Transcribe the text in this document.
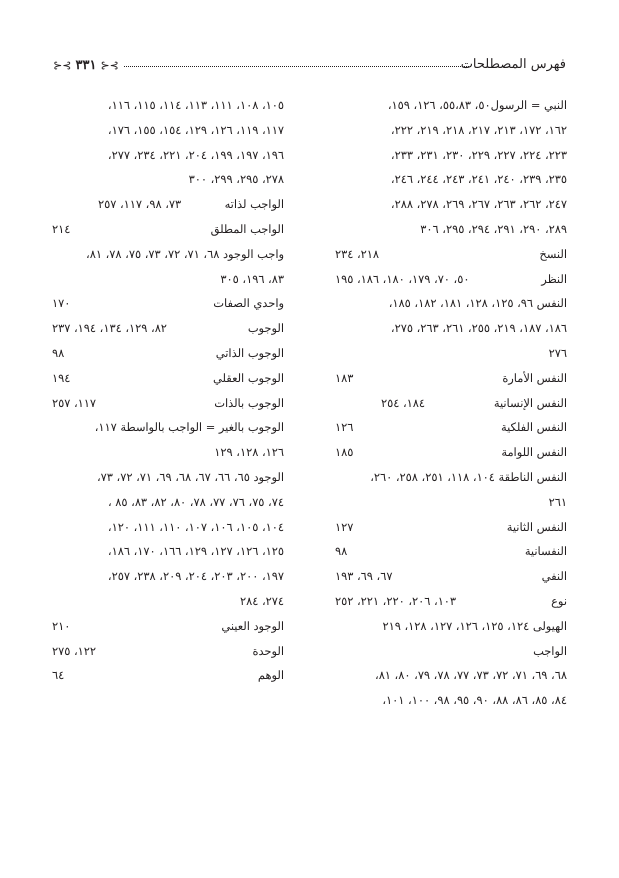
فهرس المصطلحات
⊱⊰ ٣٣١ ⊱⊰
النبي = الرسول٥٠، ٥٥،٨٣، ١٢٦، ١٥٩،
١٦٢، ١٧٢، ٢١٣، ٢١٧، ٢١٨، ٢١٩، ٢٢٢،
٢٢٣، ٢٢٤، ٢٢٧، ٢٢٩، ٢٣٠، ٢٣١، ٢٣٣،
٢٣٥، ٢٣٩، ٢٤٠، ٢٤١، ٢٤٣، ٢٤٤، ٢٤٦،
٢٤٧، ٢٦٢، ٢٦٣، ٢٦٧، ٢٦٩، ٢٧٨، ٢٨٨،
٢٨٩، ٢٩٠، ٢٩١، ٢٩٤، ٢٩٥، ٣٠٦
النسخ
٢١٨، ٢٣٤
النظر
٥٠، ٧٠، ١٧٩، ١٨٠، ١٨٦، ١٩٥
النفس ٩٦، ١٢٥، ١٢٨، ١٨١، ١٨٢، ١٨٥،
١٨٦، ١٨٧، ٢١٩، ٢٥٥، ٢٦١، ٢٦٣، ٢٧٥،
٢٧٦
النفس الأمارة
١٨٣
النفس الإنسانية
١٨٤، ٢٥٤
النفس الفلكية
١٢٦
النفس اللوامة
١٨٥
النفس الناطقة ١٠٤، ١١٨، ٢٥١، ٢٥٨، ٢٦٠،
٢٦١
النفس الثانية
١٢٧
النفسانية
٩٨
النفي
٦٧، ٦٩، ١٩٣
نوع
١٠٣، ٢٠٦، ٢٢٠، ٢٢١، ٢٥٢
الهيولى ١٢٤، ١٢٥، ١٢٦، ١٢٧، ١٢٨، ٢١٩
الواجب
٦٨، ٦٩، ٧١، ٧٢، ٧٣، ٧٧، ٧٨، ٧٩، ٨٠، ٨١،
٨٤، ٨٥، ٨٦، ٨٨، ٩٠، ٩٥، ٩٨، ١٠٠، ١٠١،
١٠٥، ١٠٨، ١١١، ١١٣، ١١٤، ١١٥، ١١٦،
١١٧، ١١٩، ١٢٦، ١٢٩، ١٥٤، ١٥٥، ١٧٦،
١٩٦، ١٩٧، ١٩٩، ٢٠٤، ٢٢١، ٢٣٤، ٢٧٧،
٢٧٨، ٢٩٥، ٢٩٩، ٣٠٠
الواجب لذاته
٧٣، ٩٨، ١١٧، ٢٥٧
الواجب المطلق
٢١٤
واجب الوجود ٦٨، ٧١، ٧٢، ٧٣، ٧٥، ٧٨، ٨١،
٨٣، ١٩٦، ٣٠٥
واحدي الصفات
١٧٠
الوجوب
٨٢، ١٢٩، ١٣٤، ١٩٤، ٢٣٧
الوجوب الذاتي
٩٨
الوجوب العقلي
١٩٤
الوجوب بالذات
١١٧، ٢٥٧
الوجوب بالغير = الواجب بالواسطة ١١٧،
١٢٦، ١٢٨، ١٢٩
الوجود ٦٥، ٦٦، ٦٧، ٦٨، ٦٩، ٧١، ٧٢، ٧٣،
٧٤، ٧٥، ٧٦، ٧٧، ٧٨، ٨٠، ٨٢، ٨٣، ٨٥ ،
١٠٤، ١٠٥، ١٠٦، ١٠٧، ١١٠، ١١١، ١٢٠،
١٢٥، ١٢٦، ١٢٧، ١٢٩، ١٦٦، ١٧٠، ١٨٦،
١٩٧، ٢٠٠، ٢٠٣، ٢٠٤، ٢٠٩، ٢٣٨، ٢٥٧،
٢٧٤، ٢٨٤
الوجود العيني
٢١٠
الوحدة
١٢٢، ٢٧٥
الوهم
٦٤
